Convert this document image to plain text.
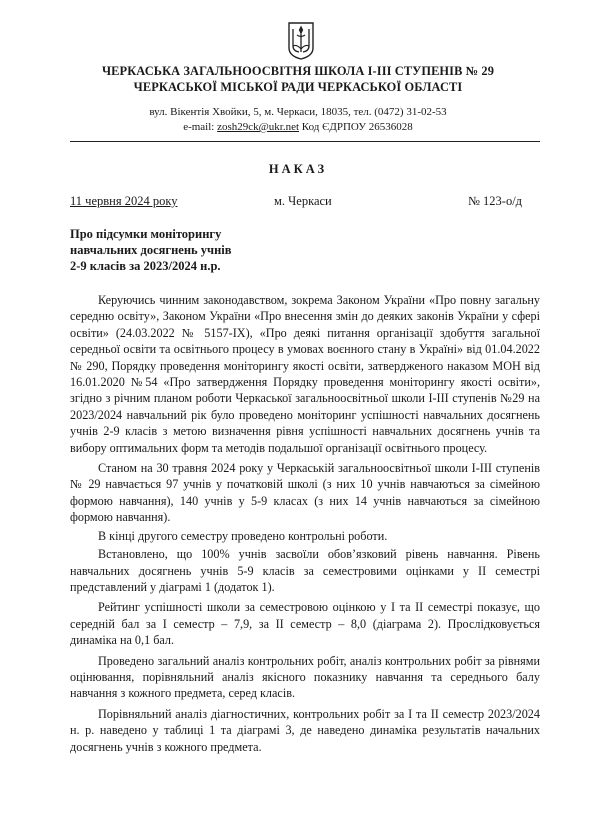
ЧЕРКАСЬКА ЗАГАЛЬНООСВІТНЯ ШКОЛА І-ІІІ СТУПЕНІВ № 29
ЧЕРКАСЬКОЇ МІСЬКОЇ РАДИ ЧЕРКАСЬКОЇ ОБЛАСТІ
вул. Вікентія Хвойки, 5, м. Черкаси, 18035, тел. (0472) 31-02-53
e-mail: zosh29ck@ukr.net Код ЄДРПОУ 26536028
НАКАЗ
11 червня 2024 року	м. Черкаси	№ 123-о/д
Про підсумки моніторингу
навчальних досягнень учнів
2-9 класів за 2023/2024 н.р.

Керуючись чинним законодавством, зокрема Законом України «Про повну загальну середню освіту», Законом України «Про внесення змін до деяких законів України у сфері освіти» (24.03.2022 № 5157-ІХ), «Про деякі питання організації здобуття загальної середньої освіти та освітнього процесу в умовах воєнного стану в Україні» від 01.04.2022 № 290, Порядку проведення моніторингу якості освіти, затвердженого наказом МОН від 16.01.2020 №54 «Про затвердження Порядку проведення моніторингу якості освіти», згідно з річним планом роботи Черкаської загальноосвітньої школи І-ІІІ ступенів №29 на 2023/2024 навчальний рік було проведено моніторинг успішності навчальних досягнень учнів 2-9 класів з метою визначення рівня успішності навчальних досягнень учнів та вибору оптимальних форм та методів подальшої організації освітнього процесу.

Станом на 30 травня 2024 року у Черкаській загальноосвітньої школи І-ІІІ ступенів № 29 навчається 97 учнів у початковій школі (з них 10 учнів навчаються за сімейною формою навчання), 140 учнів у 5-9 класах (з них 14 учнів навчаються за сімейною формою навчання).

В кінці другого семестру проведено контрольні роботи.

Встановлено, що 100% учнів засвоїли обов’язковий рівень навчання. Рівень навчальних досягнень учнів 5-9 класів за семестровими оцінками у ІІ семестрі представлений у діаграмі 1 (додаток 1).

Рейтинг успішності школи за семестровою оцінкою у І та ІІ семестрі показує, що середній бал за І семестр – 7,9, за ІІ семестр – 8,0 (діаграма 2). Прослідковується динаміка на 0,1 бал.

Проведено загальний аналіз контрольних робіт, аналіз контрольних робіт за рівнями оцінювання, порівняльний аналіз якісного показнику навчання та середнього балу навчання з кожного предмета, серед класів.

Порівняльний аналіз діагностичних, контрольних робіт за І та ІІ семестр 2023/2024 н. р. наведено у таблиці 1 та діаграмі 3, де наведено динаміка результатів начальних досягнень учнів з кожного предмета.
